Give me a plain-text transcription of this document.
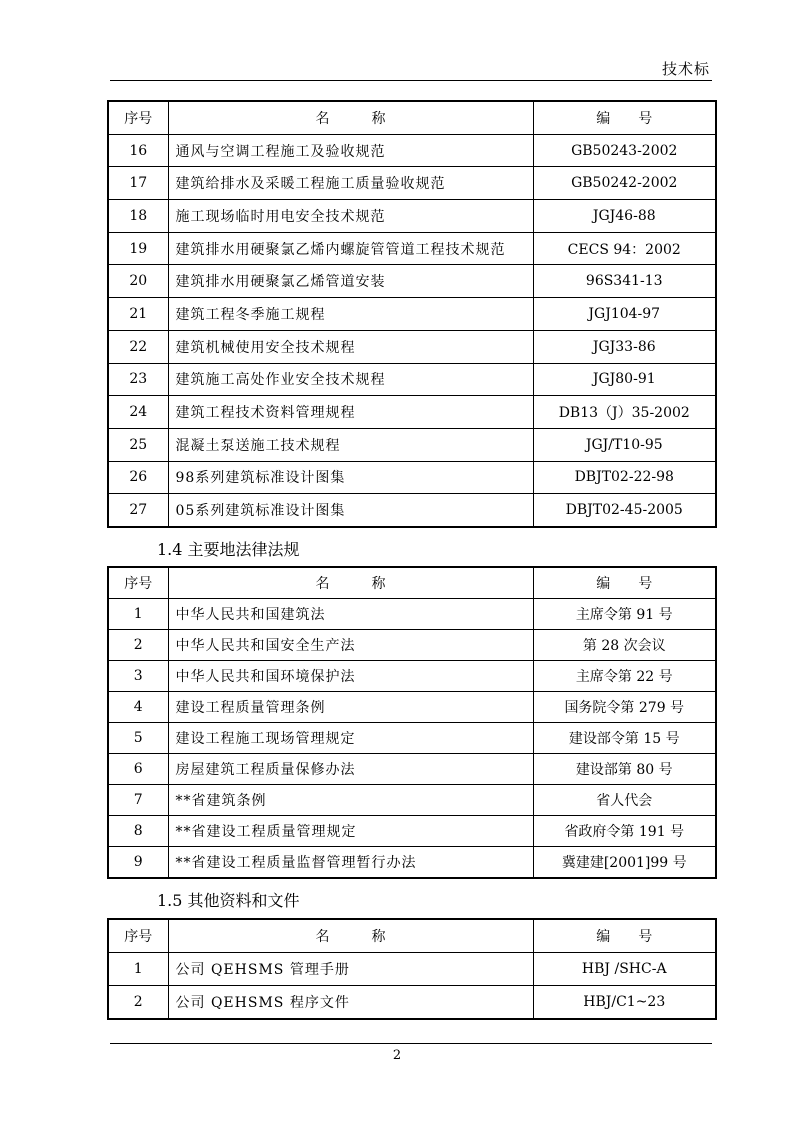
技术标
序号	名　　　称	编　　号
16	通风与空调工程施工及验收规范	GB50243-2002
17	建筑给排水及采暖工程施工质量验收规范	GB50242-2002
18	施工现场临时用电安全技术规范	JGJ46-88
19	建筑排水用硬聚氯乙烯内螺旋管管道工程技术规范	CECS 94：2002
20	建筑排水用硬聚氯乙烯管道安装	96S341-13
21	建筑工程冬季施工规程	JGJ104-97
22	建筑机械使用安全技术规程	JGJ33-86
23	建筑施工高处作业安全技术规程	JGJ80-91
24	建筑工程技术资料管理规程	DB13（J）35-2002
25	混凝土泵送施工技术规程	JGJ/T10-95
26	98系列建筑标准设计图集	DBJT02-22-98
27	05系列建筑标准设计图集	DBJT02-45-2005
1.4 主要地法律法规
序号	名　　　称	编　　号
1	中华人民共和国建筑法	主席令第 91 号
2	中华人民共和国安全生产法	第 28 次会议
3	中华人民共和国环境保护法	主席令第 22 号
4	建设工程质量管理条例	国务院令第 279 号
5	建设工程施工现场管理规定	建设部令第 15 号
6	房屋建筑工程质量保修办法	建设部第 80 号
7	**省建筑条例	省人代会
8	**省建设工程质量管理规定	省政府令第 191 号
9	**省建设工程质量监督管理暂行办法	冀建建[2001]99 号
1.5 其他资料和文件
序号	名　　　称	编　　号
1	公司 QEHSMS 管理手册	HBJ /SHC-A
2	公司 QEHSMS 程序文件	HBJ/C1~23
2
